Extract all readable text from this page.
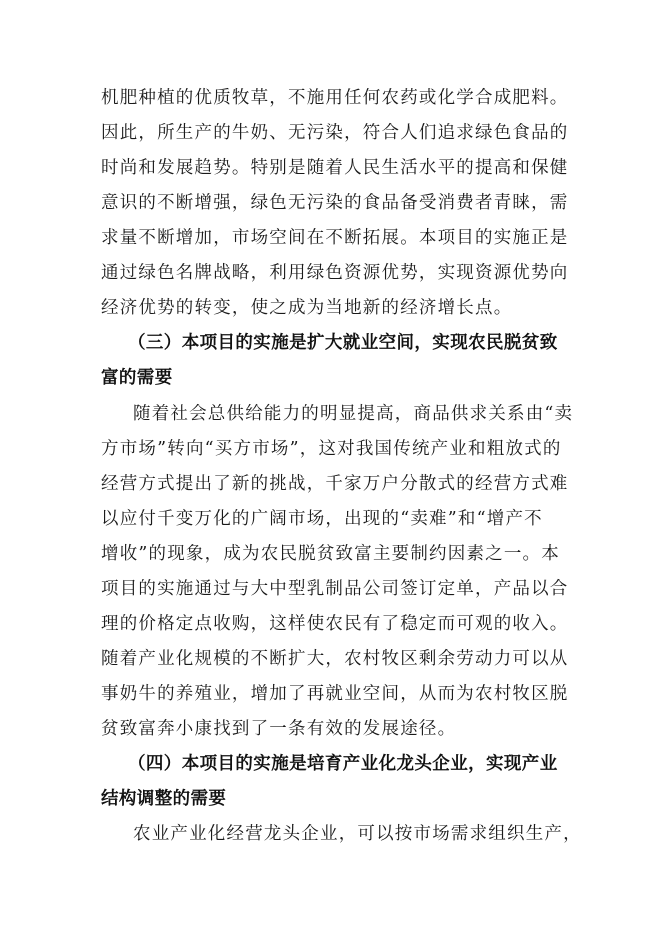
机肥种植的优质牧草，不施用任何农药或化学合成肥料。
因此，所生产的牛奶、无污染，符合人们追求绿色食品的
时尚和发展趋势。特别是随着人民生活水平的提高和保健
意识的不断增强，绿色无污染的食品备受消费者青睐，需
求量不断增加，市场空间在不断拓展。本项目的实施正是
通过绿色名牌战略，利用绿色资源优势，实现资源优势向
经济优势的转变，使之成为当地新的经济增长点。
（三）本项目的实施是扩大就业空间，实现农民脱贫致
富的需要
随着社会总供给能力的明显提高，商品供求关系由“卖
方市场”转向“买方市场”，这对我国传统产业和粗放式的
经营方式提出了新的挑战，千家万户分散式的经营方式难
以应付千变万化的广阔市场，出现的“卖难”和“增产不
增收”的现象，成为农民脱贫致富主要制约因素之一。本
项目的实施通过与大中型乳制品公司签订定单，产品以合
理的价格定点收购，这样使农民有了稳定而可观的收入。
随着产业化规模的不断扩大，农村牧区剩余劳动力可以从
事奶牛的养殖业，增加了再就业空间，从而为农村牧区脱
贫致富奔小康找到了一条有效的发展途径。
（四）本项目的实施是培育产业化龙头企业，实现产业
结构调整的需要
农业产业化经营龙头企业，可以按市场需求组织生产，
